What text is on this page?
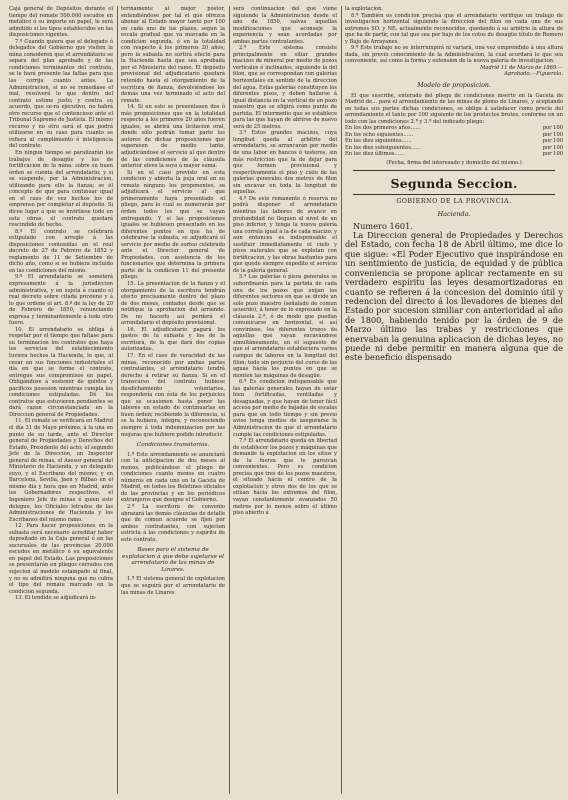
Caja general de Depósitos durante el tiempo del remate 500.000 escudos en metálico ó su importe en papel, le será admitido si los tipos establecidos en las disposiciones vigentes.

7.º Cuando quiera que el delegado ó delegados del Gobierno que visiten la mina consideren que el arrendatario se separa del plan aprobado y de las condiciones terminantes del contrato, se le hará presente las faltas para que las corrija cuanto antes. La Administracion, si no se remediase el mal, resolverá lo que dentro del contrato estime justo; y contra su acuerdo, que se-rá ejecutivo, no habrá otro recurso que el contencioso ante el Tribunal Supremo de Justicia. El mismo recurso y no otro será el que podrá utilizarse en su caso para cuanto se refiera al cumplimiento é inteligencia del contrato.

En ningun tiempo se paralizarán los trabajos de desagüe y los de fortificacion de la mina: sobre su buen órden se cuenta del arrendatario; y si se suspende, por la Administracion, utilizando para ello la fianza; se él concepto de que para continuar igual en el caso de vez hechos los de emprenso por completar el depósito. Si dicee lugar á que se invirtiese todo en esta obras, el contrato quedará rescindido de hecho.

8.º El contrato se celebrará estipulado con arreglo á las disposiciones contenidas en el real decreto de 27 de Febrero de 1852 y reglamento de 11 de Setiembre de dicho año, como si se hubiera incluido en las condiciones del mismo.

9.º El arrendatario se someterá expresamente á la jurisdiccion administrativa, y en sujeta á cuanto el real decreto sobre citada previene y á lo que ordene el art. 8.º de la ley de 20 de Febrero de 1850, renunciando expresa y terminantemente á todo otro fuero.

10. El arrendatario se obliga á respetar por el tiempo que faltase para su terminacion los contratos que haya los servicios del establecimiento tuviera hechos la Hacienda, lo que, al cesar en sus funciones industriales el día en que se forme el contrato, entregue sus compromisos en papel. Obligándose á sostener de quietos y pacificos posesion mientras cumpla los condiciones estipuladas. Dé los contratos que estuvieren pendientes se dará razon circunstanciada en la Direccion general de Propiedades.

11. El remate se verificará en Madrid el día 31 de Mayo próximo, á la una en punto de su tarde, ante el Director general de Propiedades y Derechos del Estado, Presidente del acto; el segundo Jefe de la Direccion, un Inspector general de minas, el Asesor general del Ministerio de Hacienda, y un delegado suyo, y el Escribano del mismo; y en Barcelona, Sevilla, Jaen y Bilbao en el mismo dia y hora que en Madrid, ante los Gobernadores respectivos, el Ingeniero Jefe de minas é quien este delegue, los Oficiales letrados de las Administraciones de Hacienda y los Escribanos del mismo ramo.

12. Para hacer proposiciones en la subasta será necesario acreditar haber depositado en la Caja general ó en las sucursales de las provincias 20.000 escudos en metálico ó su equivalente en papel del Estado. Las proposiciones se presentarán en pliegos cerrados con sujecion al modelo estampado al final, y no se admitirá ninguna que no cubra el tipo del remate marcado en la condicion segunda.

13. El tendido se adjudicará in-

terinamente al mejor postor, entendiéndose por tal el que ofrezca abonar al Estado mayor tanto por 100 en cada uno de los plazos, segun la escala gradual que va marcada en la condicion segunda, ó en la totalidad con respecto á los primeros 20 años; pero la subasta no surtirá efecto para la Hacienda hasta que sea aprobada por el Ministerio del ramo. El depósito provisional del adjudicatario quedará retenido hasta el otorgamiento de la escritura de fianza, devolviéndose los demás una vez terminado el acto del remate.

14. Si en este se presentasen dos ó más proposiciones que en la totalidad respecto á los primeros 20 años fueren iguales, se abrirá una licitacion oral, donde sólo podrán tomar parte los autores de dichas proposiciones que superasen de medio tanto, adjudicándose el servicio al que dentro de las condiciones de la cláusula anterior eleve la suya á mayor suma.

Si en el caso previsto en esta condicion y abierta la puja oral en su remate ninguno los proponentes, se adjudicará el servicio al que primeramente haya presentado el pliego, para lo cual se numerarán por órden todos los que se vayan entregando. Y si las proposiciones iguales se hubiesen presentado en los diferentes puntos en que ha de celebrarse la subasta, se adjudicará el servicio por medio de sorteo celebrado ante el Director general de Propiedades, con asistencia de los funcionarios que determina la primera parte de la condicion 11 del presente pliego.

15. La presentacion de la fianza y el otorgamiento de la escritura tendrán efecto precisamente dentro del plazo de dos meses, contados desde que se notifique la aprobacion del arriendo. De no hacerlo así perderá el arrendatario el depósito provisional.

16. El adjudicatario pagará los gastos de la subasta y los de la escritura, de la que dará dos copias autorizadas.

17. En el caso de veracidad de las minas, reconocido por ambas partes contratantes, el arrendatario tendrá derecho á retirar su fianza. Si en el transcurso del contrato hubiese desdichamiento voluntarios, respondería con ésta de los perjuicios que se ocasionen hasta poner las labores en estado de continuarlas en buen órden; recibiendo la diferencia, si se la hubiera, íntegra, y reconociendo siempre á toda indemnizacion por las mejoras que hubiere podido introducir.

Condiciones transitorias.

1.ª Este arrendamiento se anunciará con la anticipacion de dos meses al menos, publicándose el pliego de condiciones cuanto menos en cuatro números en cada uno en la Gaceta de Madrid, en todos los Boletines oficiales de las provincias y en los periódicos extranjeros que designe el Gobierno.

2.ª La escritura de convenio abrazará las demás cláusulas de detalle que de comun acuerdo se fijen por ambos contratantes, con sujecion estricta á las condiciones y espíritu de este contrato.

Bases para el sistema de explotacion á que debe sujetarse el arrendatario de las minas de Linares.

1.ª El sistema general de explotacion que se seguirá por el arrendatario de las minas de Linares

será continuacion del que viene siguiendo la Administracion desde el año de 1850, salvas aquellas modificaciones que aconseje la experiencia y sean acordadas por ambas partes contratantes.

2.ª Este sistema consiste principalmente en sitiar grandes macizos de mineral por medio de pozos verticales é inclinados, siguiendo la del filon, que se correspondan con galerías horizontales en sentido de la direccion del agua. Estas galerías constituyen los diferentes pisos, y deben hallarse á igual distancia en la vertical de un pozo maestro que se eligirá como punto de partida. El intermedio que se establece para las que hayan de abrirse de nuevo será de 25 metros.

3.ª Estos grandes macizos, cuya longitud queda al arbitrio del arrendatario, se arrancarán por medio de una labor en bancos ó testeros, sin más restriccion que la de dejar para que formen provisional y respectivamente el piso y cielo de las galerías generales dos metros de filon sin excavar en toda la longitud de aquellas.

4.ª De este remanente ó reserva no podrá disponer el arrendatario mientras las labores de avance en profundidad no lleguen al nivel de un piso inferior, y tenga la nueva galería una correla igual á la de cada macizo; y aun entonces es indispensable el sustituir inmediatamente el cielo y pisos naturales que se explotan con fortificacion, y las obras bastantes para que quede siempre expedito el servicio de la galería general.

5.ª Las galerías ó pisos generales se subordinarán para la partida de cada uno de los pozos que exijan los diferentes sectores en que se divide un solo pozo maestro (señalado de comun acuerdo), á tenor de lo expresado en la cláusula 2.ª, ó de modo que puedan comunicarse en horizontal, si así conviniese, los diferentes trozos de aquellas que vayan excavándose simultáneamente, en el supuesto de que el arrendatario estableciera varios campos de labores en la longitud del filon; todo sin perjuicio del curso de las aguas hácia los puntos en que se monten las máquinas de desagüe.

6.ª Es condicion indispensable que las galerías generales hayan de estar bien fortificadas, ventiladas y desaguadas, y que hayan de tener fácil acceso por medio de bajadas de escalas para que en todo tiempo y sin previo aviso tenga medios de asegurarse la Administracion de que el arrendatario cumple las condiciones estipuladas.

7.ª El arrendatario queda en libertad de establecer los pozos y máquinas que demande la explotacion en los sitios y de la fuerza que le parezcan convenientes. Pero es condicion precisa que tres de los pozos maestros, el situado hácia el centro de la explotacion y otros dos de los que se sitúan hácia los extremos del filon, vayan constantemente avanzados 50 metros por lo menos sobre el último piso abierto á

la explotacion.

8.ª También es condicion precisa que el arrendatario verifique un trabajo de investigacion horizontal siguiendo la direccion del filon en cada uno de sus extremos SO. y NE. actualmente reconocidos, quedando á su arbitrio la altura de que ha de partir, con tal que sea por bajo de los cotos de desagüe título de Romero y Bajo de Arrayanes.

9.ª Este trabajo no se interrumpirá ni variará, una vez emprendido á una altura dada, sin previo conocimiento de la Administracion, la cual acordará lo que sea conveniente, así como la forma y extension de la nueva galería de investigacion.

Madrid 11 de Marzo de 1869.—

Aprobado.—Figuerola.

Modelo de proposicion.

El que suscribe, enterado del pliego de condiciones inserto en la Gaceta de Madrid de... para el arrendamiento de las minas de plomo de Linares, y aceptando en todas sus partes dichas condiciones, se obliga á satisfacer como precio del arrendamiento el tanto por 100 siguiente de los productos brutos, conforme en un todo con las condiciones 2.ª y 3.ª del indicado pliego:

En los dos primeros años......	por 100
En los ocho siguientes......	por 100
En los diez siguientes......	por 100
En los diez subsiguientes......	por 100
En los diez últimos......	por 100

(Fecha, firma del interesado y domicilio del mismo.)

Segunda Seccion.
GOBIERNO DE LA PROVINCIA.
Hacienda.

Numero 1601.

La Direccion general de Propiedades y Derechos del Estado, con fecha 18 de Abril último, me dice lo que sigue: «El Poder Ejecutivo que inspirándose en un sentimiento de justicia, de equidad y de pública conveniencia se propone aplicar rectamente en su verdadero espíritu las leyes desamortizadoras en cuanto se refieren á la concesion del dominio útil y redencion del directo á los llevadores de bienes del Estado por sucesion similiar con anterioridad al año de 1800, habiendo tenido por la órden de 9 de Marzo último las trabas y restricciones que enervaban la genuina aplicacion de dichas leyes, no puede ni debe permitir en manera alguna que de este beneficio dispensado
